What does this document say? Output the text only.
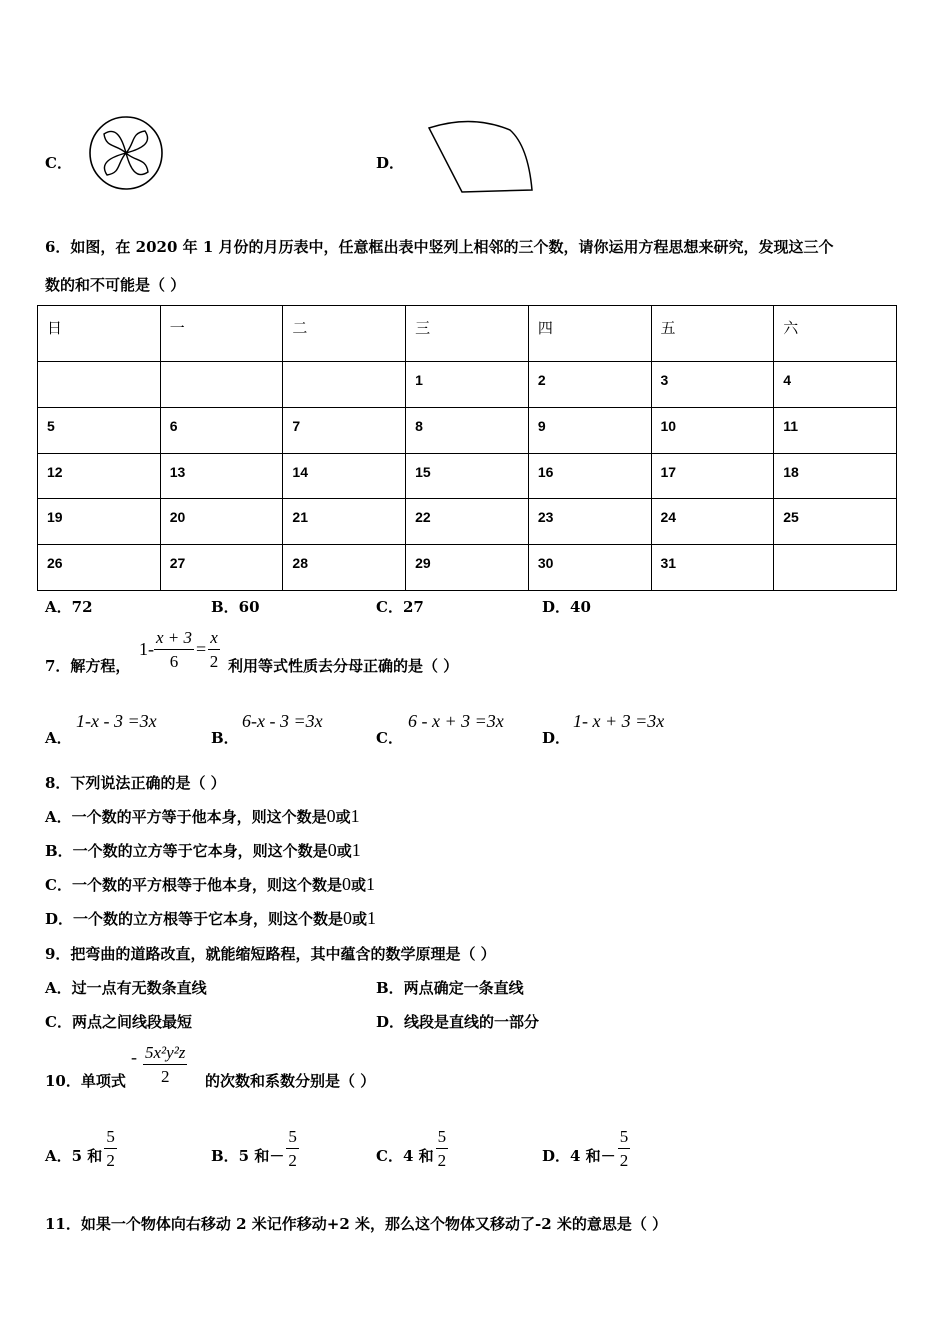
C．	D．
6．如图，在 2020 年 1 月份的月历表中，任意框出表中竖列上相邻的三个数，请你运用方程思想来研究，发现这三个
数的和不可能是（ ）
日	一	二	三	四	五	六
			1	2	3	4
5	6	7	8	9	10	11
12	13	14	15	16	17	18
19	20	21	22	23	24	25
26	27	28	29	30	31	
A．72	B．60	C．27	D．40
7．解方程，
$1- \frac{x + 3}{6} = \frac{x}{2}$ 利用等式性质去分母正确的是（ ）
A．
1-x - 3 =3x
B．
6-x - 3 =3x
C．
6 - x + 3 =3x
D．
1- x + 3 =3x
8．下列说法正确的是（ ）
A．一个数的平方等于他本身，则这个数是0或1
B．一个数的立方等于它本身，则这个数是0或1
C．一个数的平方根等于他本身，则这个数是0或1
D．一个数的立方根等于它本身，则这个数是0或1
9．把弯曲的道路改直，就能缩短路程，其中蕴含的数学原理是（ ）
A．过一点有无数条直线	B．两点确定一条直线
C．两点之间线段最短	D．线段是直线的一部分
10．单项式
- $\frac{\text{5x²y²z}}{2}$ 的次数和系数分别是（ ）
A．5 和 $\frac{5}{2}$	B．5 和 － $\frac{5}{2}$	C．4 和 $\frac{5}{2}$	D．4 和 － $\frac{5}{2}$
11．如果一个物体向右移动 2 米记作移动+2 米，那么这个物体又移动了-2 米的意思是（ ）
